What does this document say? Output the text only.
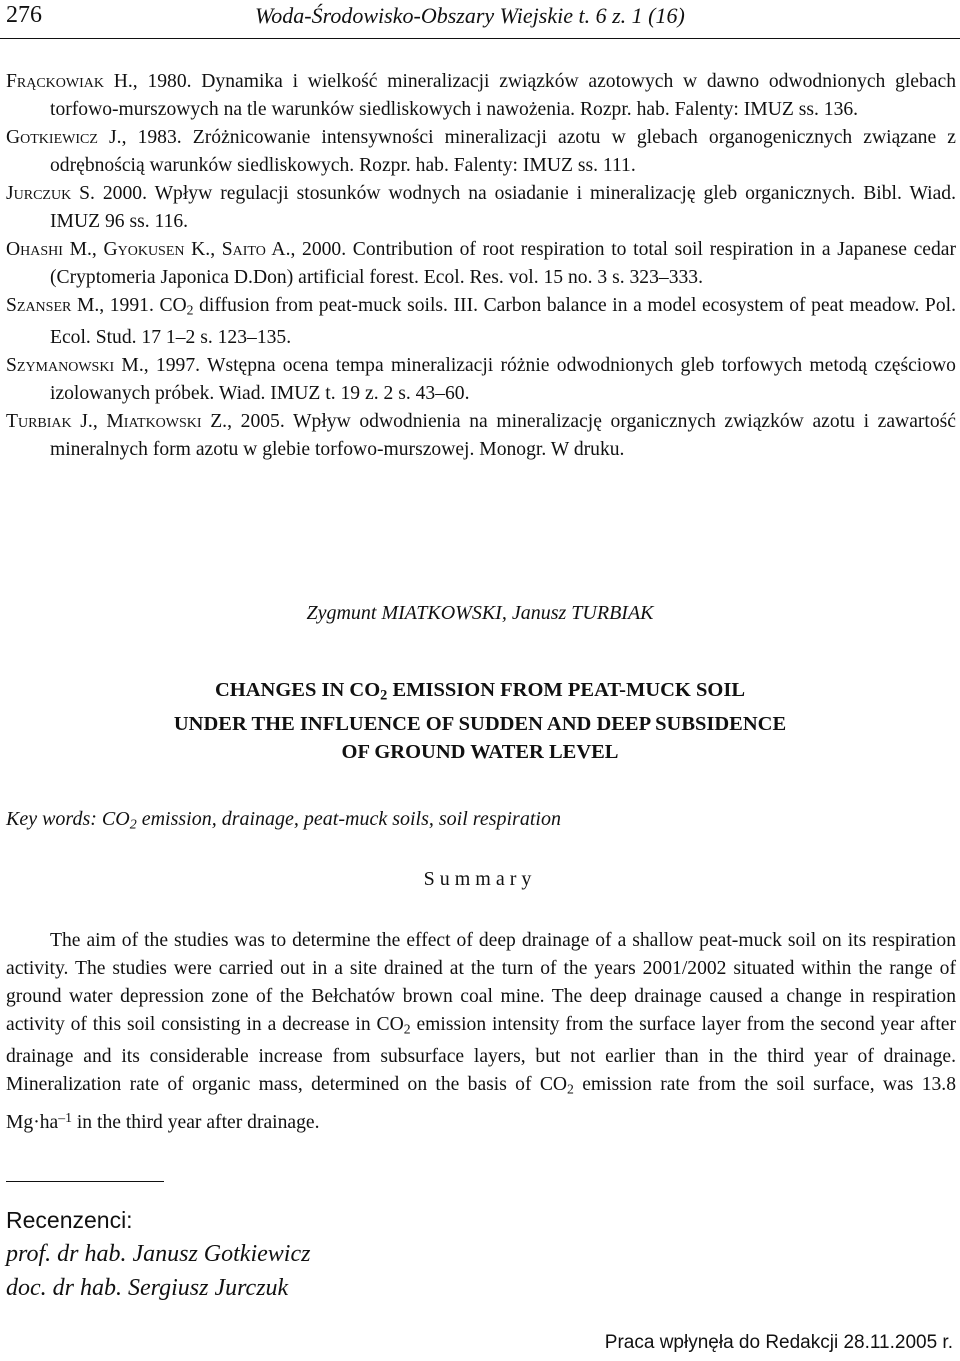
276	Woda-Środowisko-Obszary Wiejskie t. 6 z. 1 (16)
Frąckowiak H., 1980. Dynamika i wielkość mineralizacji związków azotowych w dawno odwodnionych glebach torfowo-murszowych na tle warunków siedliskowych i nawożenia. Rozpr. hab. Falenty: IMUZ ss. 136.
Gotkiewicz J., 1983. Zróżnicowanie intensywności mineralizacji azotu w glebach organogenicznych związane z odrębnością warunków siedliskowych. Rozpr. hab. Falenty: IMUZ ss. 111.
Jurczuk S. 2000. Wpływ regulacji stosunków wodnych na osiadanie i mineralizację gleb organicznych. Bibl. Wiad. IMUZ 96 ss. 116.
Ohashi M., Gyokusen K., Saito A., 2000. Contribution of root respiration to total soil respiration in a Japanese cedar (Cryptomeria Japonica D.Don) artificial forest. Ecol. Res. vol. 15 no. 3 s. 323–333.
Szanser M., 1991. $CO_2$ diffusion from peat-muck soils. III. Carbon balance in a model ecosystem of peat meadow. Pol. Ecol. Stud. 17 1–2 s. 123–135.
Szymanowski M., 1997. Wstępna ocena tempa mineralizacji różnie odwodnionych gleb torfowych metodą częściowo izolowanych próbek. Wiad. IMUZ t. 19 z. 2 s. 43–60.
Turbiak J., Miatkowski Z., 2005. Wpływ odwodnienia na mineralizację organicznych związków azotu i zawartość mineralnych form azotu w glebie torfowo-murszowej. Monogr. W druku.
Zygmunt MIATKOWSKI, Janusz TURBIAK
CHANGES IN $CO_2$ EMISSION FROM PEAT-MUCK SOIL
UNDER THE INFLUENCE OF SUDDEN AND DEEP SUBSIDENCE
OF GROUND WATER LEVEL
Key words: $CO_2$ emission, drainage, peat-muck soils, soil respiration
Summary
The aim of the studies was to determine the effect of deep drainage of a shallow peat-muck soil on its respiration activity. The studies were carried out in a site drained at the turn of the years 2001/2002 situated within the range of ground water depression zone of the Bełchatów brown coal mine. The deep drainage caused a change in respiration activity of this soil consisting in a decrease in $CO_2$ emission intensity from the surface layer from the second year after drainage and its considerable increase from subsurface layers, but not earlier than in the third year of drainage. Mineralization rate of organic mass, determined on the basis of $CO_2$ emission rate from the soil surface, was 13.8 $Mg\cdot ha^{-1}$ in the third year after drainage.
Recenzenci:
prof. dr hab. Janusz Gotkiewicz
doc. dr hab. Sergiusz Jurczuk
Praca wpłynęła do Redakcji 28.11.2005 r.
